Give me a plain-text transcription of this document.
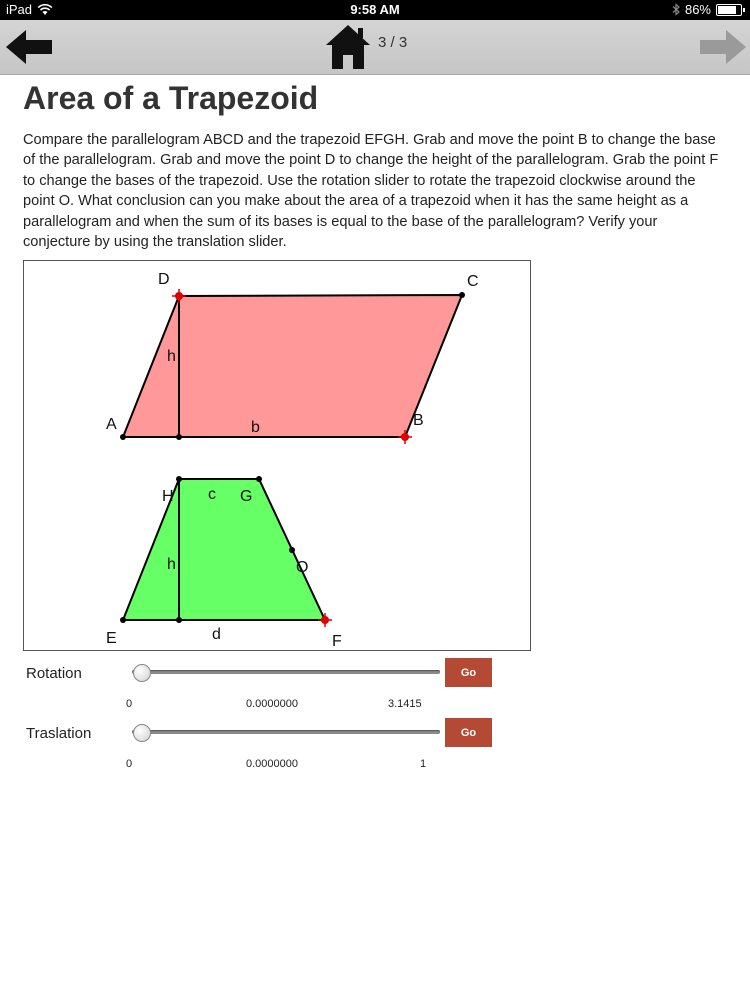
iPad	9:58 AM	86%
3 / 3
Area of a Trapezoid

Compare the parallelogram ABCD and the trapezoid EFGH. Grab and move the point B to change the base of the parallelogram. Grab and move the point D to change the height of the parallelogram. Grab the point F to change the bases of the trapezoid. Use the rotation slider to rotate the trapezoid clockwise around the point O. What conclusion can you make about the area of a trapezoid when it has the same height as a parallelogram and when the sum of its bases is equal to the base of the parallelogram? Verify your conjecture by using the translation slider.

D	C
A	B
h
b
H c G
O
h
E	d	F
Rotation	Go
0	0.0000000	3.1415
Traslation	Go
0	0.0000000	1
